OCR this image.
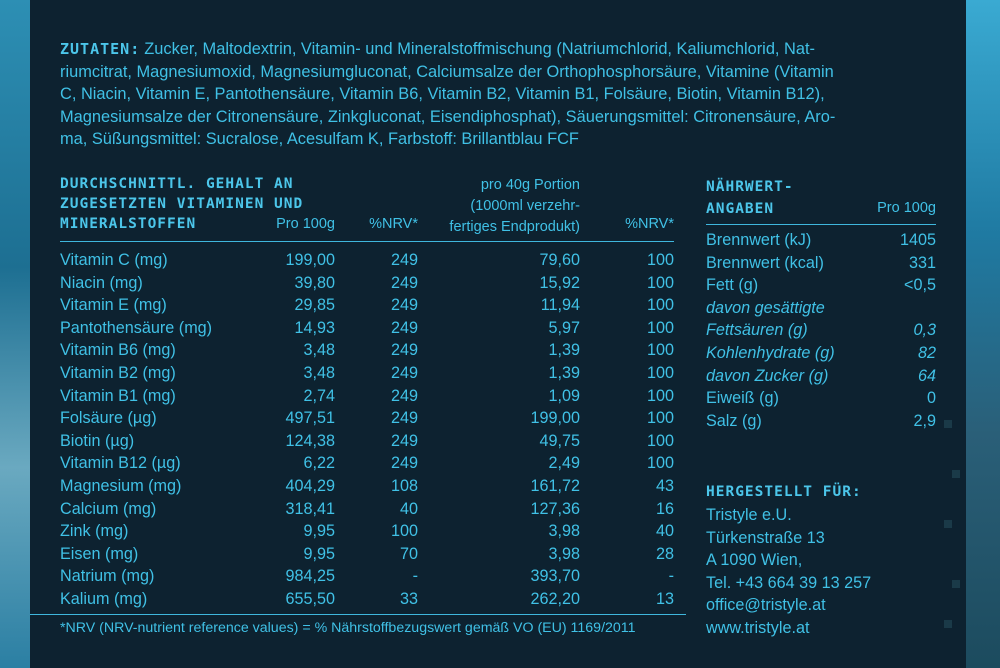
ZUTATEN: Zucker, Maltodextrin, Vitamin- und Mineralstoffmischung (Natriumchlorid, Kaliumchlorid, Nat-
riumcitrat, Magnesiumoxid, Magnesiumgluconat, Calciumsalze der Orthophosphorsäure, Vitamine (Vitamin
C, Niacin, Vitamin E, Pantothensäure, Vitamin B6, Vitamin B2, Vitamin B1, Folsäure, Biotin, Vitamin B12),
Magnesiumsalze der Citronensäure, Zinkgluconat, Eisendiphosphat), Säuerungsmittel: Citronensäure, Aro-
ma, Süßungsmittel: Sucralose, Acesulfam K, Farbstoff: Brillantblau FCF
DURCHSCHNITTL. GEHALT AN
ZUGESETZTEN VITAMINEN UND
MINERALSTOFFEN	Pro 100g	%NRV*
pro 40g Portion
(1000ml verzehr-
fertiges Endprodukt)	%NRV*
Vitamin C (mg)	199,00	249	79,60	100
Niacin (mg)	39,80	249	15,92	100
Vitamin E (mg)	29,85	249	11,94	100
Pantothensäure (mg)	14,93	249	5,97	100
Vitamin B6 (mg)	3,48	249	1,39	100
Vitamin B2 (mg)	3,48	249	1,39	100
Vitamin B1 (mg)	2,74	249	1,09	100
Folsäure (µg)	497,51	249	199,00	100
Biotin (µg)	124,38	249	49,75	100
Vitamin B12 (µg)	6,22	249	2,49	100
Magnesium (mg)	404,29	108	161,72	43
Calcium (mg)	318,41	40	127,36	16
Zink (mg)	9,95	100	3,98	40
Eisen (mg)	9,95	70	3,98	28
Natrium (mg)	984,25	-	393,70	-
Kalium (mg)	655,50	33	262,20	13
*NRV (NRV-nutrient reference values) = % Nährstoffbezugswert gemäß VO (EU) 1169/2011
NÄHRWERT-
ANGABEN	Pro 100g
Brennwert (kJ)	1405
Brennwert (kcal)	331
Fett (g)	<0,5
davon gesättigte
Fettsäuren (g)	0,3
Kohlenhydrate (g)	82
davon Zucker (g)	64
Eiweiß (g)	0
Salz (g)	2,9
HERGESTELLT FÜR:
Tristyle e.U.
Türkenstraße 13
A 1090 Wien,
Tel. +43 664 39 13 257
office@tristyle.at
www.tristyle.at
